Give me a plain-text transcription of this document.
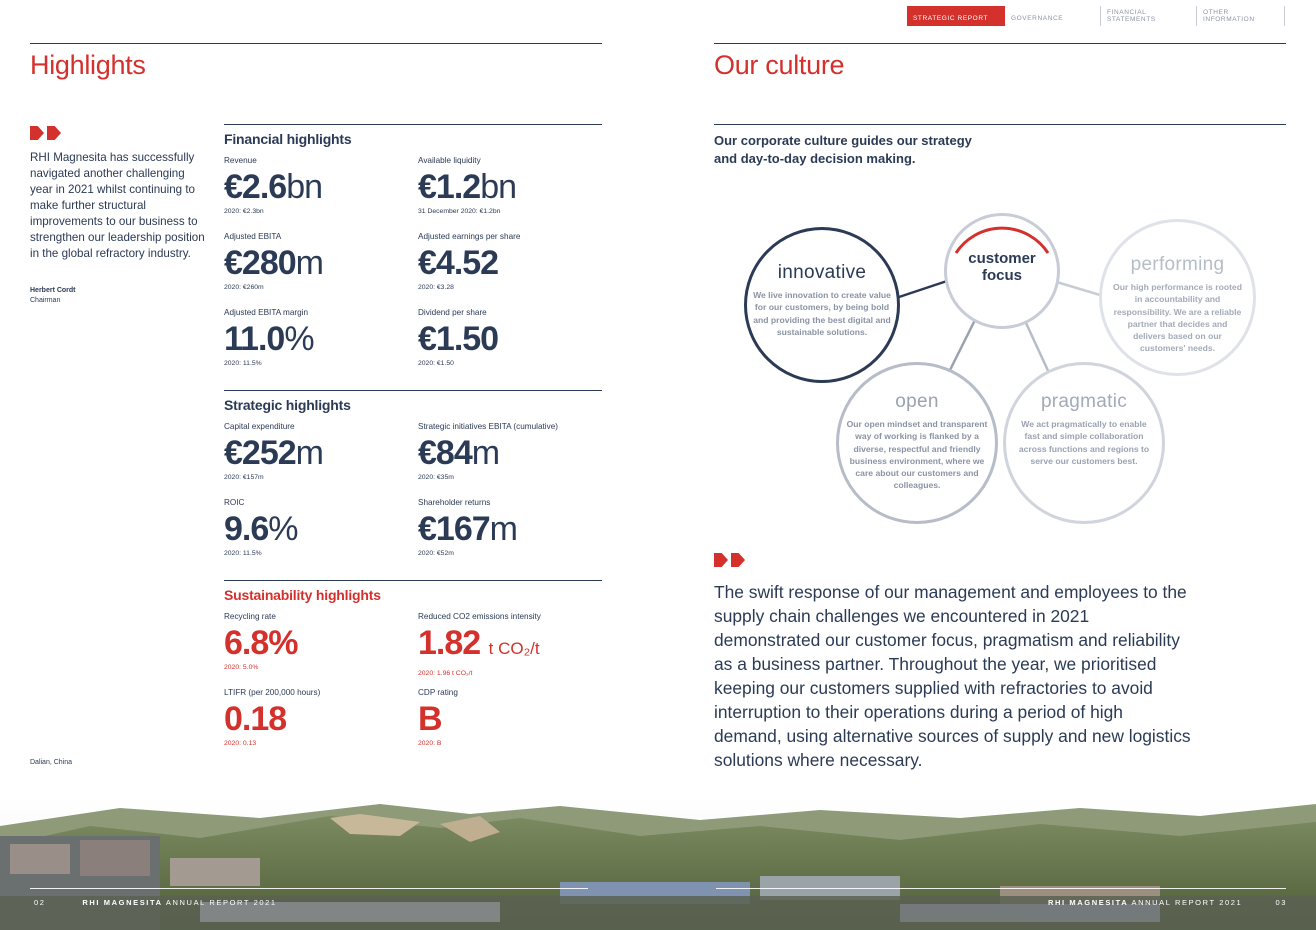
STRATEGIC REPORT	GOVERNANCE
FINANCIAL STATEMENTS
OTHER INFORMATION
Highlights
RHI Magnesita has successfully navigated another challenging year in 2021 whilst continuing to make further structural improvements to our business to strengthen our leadership position in the global refractory industry.
Herbert Cordt
Chairman
Financial highlights
Revenue
€2.6bn
2020: €2.3bn
Available liquidity
€1.2bn
31 December 2020: €1.2bn
Adjusted EBITA
€280m
2020: €260m
Adjusted earnings per share
€4.52
2020: €3.28
Adjusted EBITA margin
11.0%
2020: 11.5%
Dividend per share
€1.50
2020: €1.50
Strategic highlights
Capital expenditure
€252m
2020: €157m
Strategic initiatives EBITA (cumulative)
€84m
2020: €35m
ROIC
9.6%
2020: 11.5%
Shareholder returns
€167m
2020: €52m
Sustainability highlights
Recycling rate
6.8%
2020: 5.0%
Reduced CO2 emissions intensity
1.82 t CO₂/t
2020: 1.96 t CO₂/t
LTIFR (per 200,000 hours)
0.18
2020: 0.13
CDP rating
B
2020: B
Dalian, China
Our culture
Our corporate culture guides our strategy
and day-to-day decision making.
customer
focus
innovative
We live innovation to create value for our customers, by being bold and providing the best digital and sustainable solutions.
performing
Our high performance is rooted in accountability and responsibility. We are a reliable partner that decides and delivers based on our customers' needs.
open
Our open mindset and transparent way of working is flanked by a diverse, respectful and friendly business environment, where we care about our customers and colleagues.
pragmatic
We act pragmatically to enable fast and simple collaboration across functions and regions to serve our customers best.
The swift response of our management and employees to the supply chain challenges we encountered in 2021 demonstrated our customer focus, pragmatism and reliability as a business partner. Throughout the year, we prioritised keeping our customers supplied with refractories to avoid interruption to their operations during a period of high demand, using alternative sources of supply and new logistics solutions where necessary.
02	RHI MAGNESITA ANNUAL REPORT 2021	RHI MAGNESITA ANNUAL REPORT 2021	03
